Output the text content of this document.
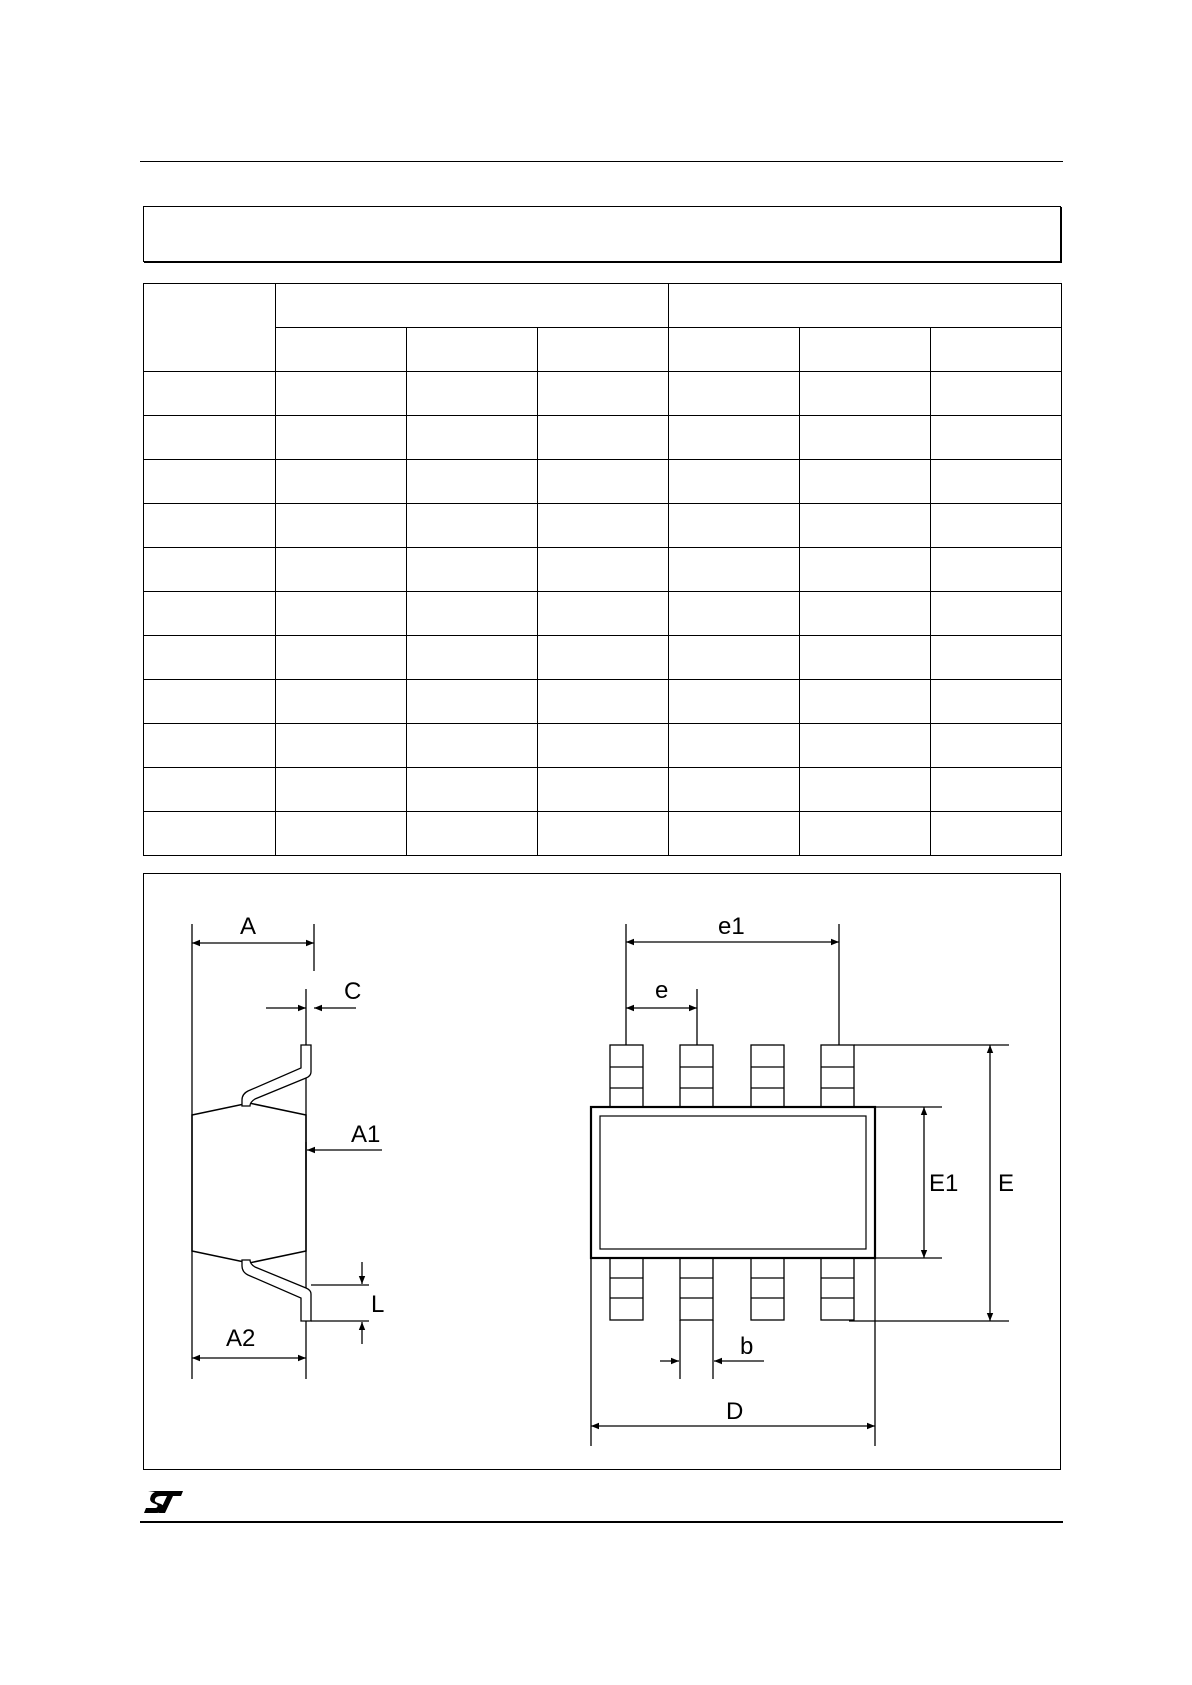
A
C
A1
L
A2
e1
e
E1 E
b
D
